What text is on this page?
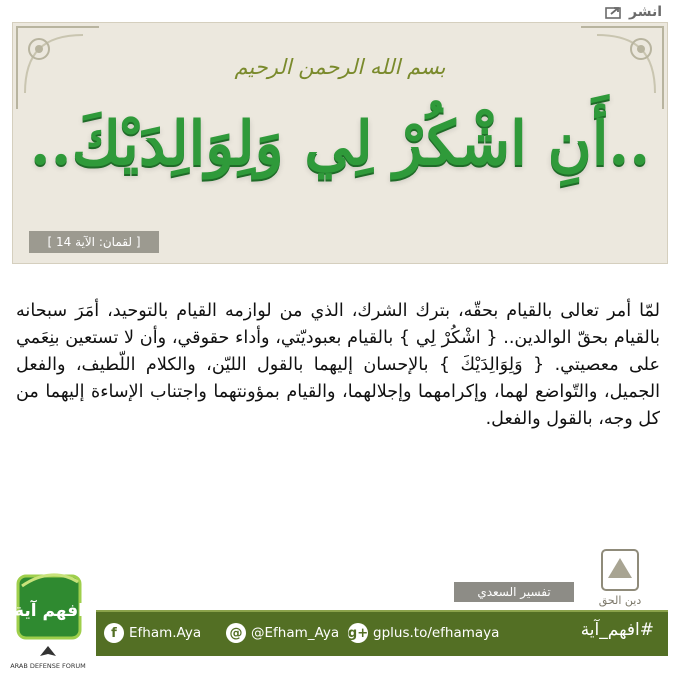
انشر
بسم الله الرحمن الرحيم
..أَنِ اشْكُرْ لِي وَلِوَالِدَيْكَ..
[ لقمان: الآية 14 ]
لمّا أمر تعالى بالقيام بحقّه، بترك الشرك، الذي من لوازمه القيام بالتوحيد، أمَرَ سبحانه بالقيام بحقّ الوالدين.. { اشْكُرْ لِي } بالقيام بعبوديّتي، وأداء حقوقي، وأن لا تستعين بنِعَمي على معصيتي. { وَلِوَالِدَيْكَ } بالإحسان إليهما بالقول الليّن، والكلام اللّطيف، والفعل الجميل، والتّواضع لهما، وإكرامهما وإجلالهما، والقيام بمؤونتهما واجتناب الإساءة إليهما من كل وجه، بالقول والفعل.
تفسير السعدي
دين الحق
افهم آية
ARAB DEFENSE FORUM
f Efham.Aya @ @Efham_Aya g+ gplus.to/efhamaya	#افهم_آية
